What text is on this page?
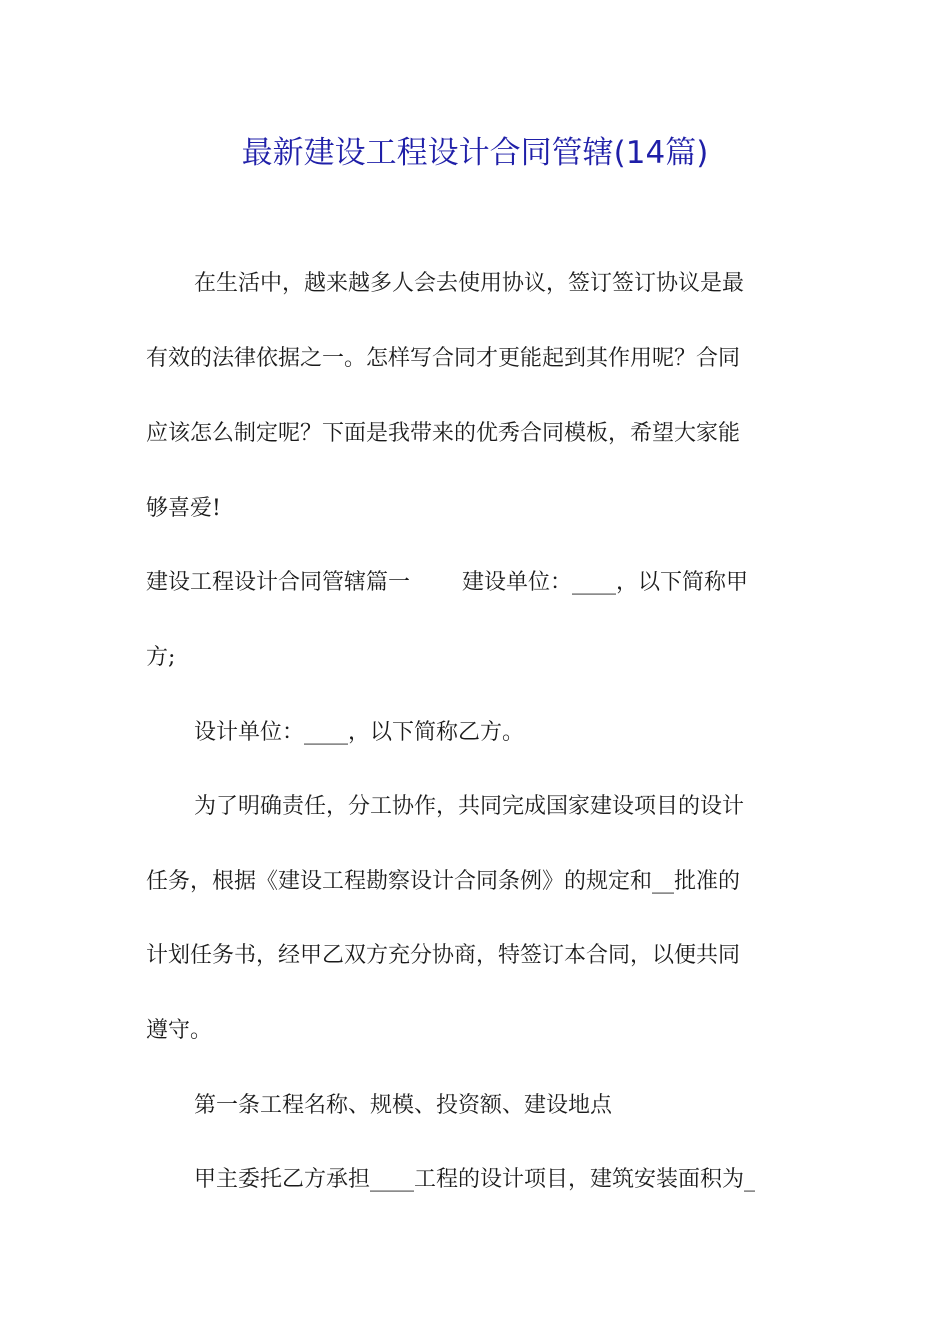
最新建设工程设计合同管辖(14篇)

在生活中，越来越多人会去使用协议，签订签订协议是最

有效的法律依据之一。怎样写合同才更能起到其作用呢？合同

应该怎么制定呢？下面是我带来的优秀合同模板，希望大家能

够喜爱!

建设工程设计合同管辖篇一 建设单位：____，以下简称甲

方;

设计单位：____，以下简称乙方。

为了明确责任，分工协作，共同完成国家建设项目的设计

任务，根据《建设工程勘察设计合同条例》的规定和__批准的

计划任务书，经甲乙双方充分协商，特签订本合同，以便共同

遵守。

第一条工程名称、规模、投资额、建设地点

甲主委托乙方承担____工程的设计项目，建筑安装面积为_
